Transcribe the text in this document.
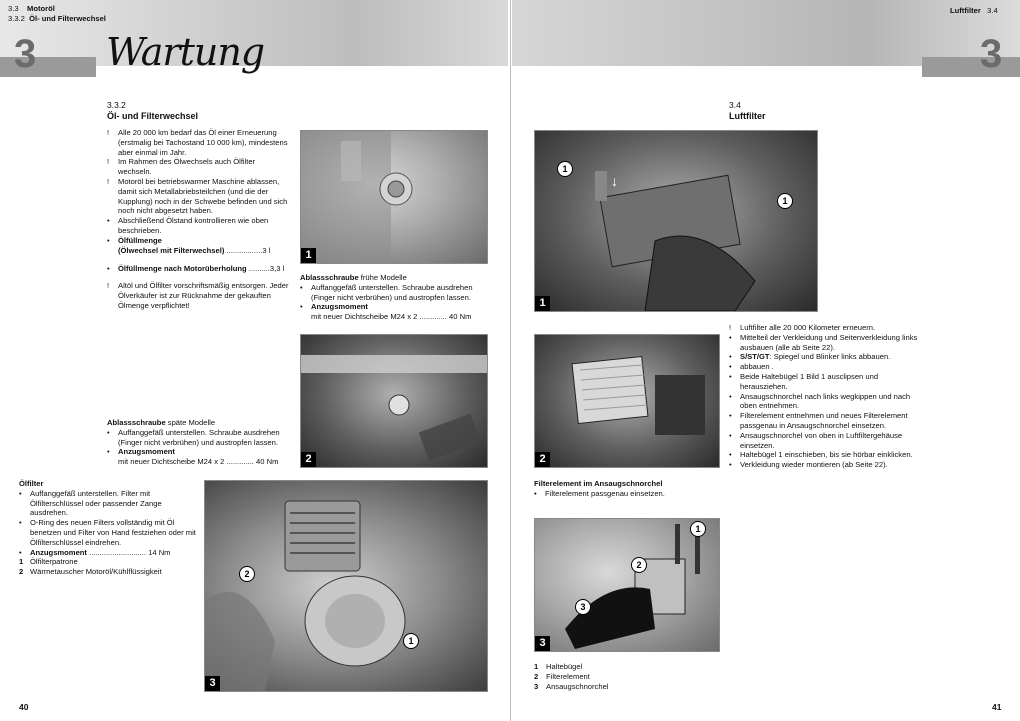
3 Wartung
3.3 Motoröl
3.3.2 Öl- und Filterwechsel
3
Luftfilter 3.4
3.3.2
Öl- und Filterwechsel
! Alle 20 000 km bedarf das Öl einer Erneuerung (erstmalig bei Tachostand 10 000 km), mindestens aber einmal im Jahr.
! Im Rahmen des Ölwechsels auch Ölfilter wechseln.
! Motoröl bei betriebswarmer Maschine ablassen, damit sich Metallabriebsteilchen (und die der Kupplung) noch in der Schwebe befinden und sich noch nicht abgesetzt haben.
• Abschließend Ölstand kontrollieren wie oben beschrieben.
• Ölfüllmenge
(Ölwechsel mit Filterwechsel) .................3 l
• Ölfüllmenge nach Motorüberholung ..........3,3 l
! Altöl und Ölfilter vorschriftsmäßig entsorgen. Jeder Ölverkäufer ist zur Rücknahme der gekauften Ölmenge verpflichtet!
1
Ablassschraube frühe Modelle
• Auffanggefäß unterstellen. Schraube ausdrehen (Finger nicht verbrühen) und austropfen lassen.
• Anzugsmoment
mit neuer Dichtscheibe M24 x 2 ............. 40 Nm
2
Ablassschraube späte Modelle
• Auffanggefäß unterstellen. Schraube ausdrehen (Finger nicht verbrühen) und austropfen lassen.
• Anzugsmoment
mit neuer Dichtscheibe M24 x 2 ............. 40 Nm
Ölfilter
• Auffanggefäß unterstellen. Filter mit Ölfilterschlüssel oder passender Zange ausdrehen.
• O-Ring des neuen Filters vollständig mit Öl benetzen und Filter von Hand festziehen oder mit Ölfilterschlüssel eindrehen.
• Anzugsmoment ........................... 14 Nm
1 Ölfilterpatrone
2 Wärmetauscher Motoröl/Kühlflüssigkeit	2
1
3
3.4
Luftfilter
1
1
↓
1
! Luftfilter alle 20 000 Kilometer erneuern.
• Mittelteil der Verkleidung und Seitenverkleidung links ausbauen (alle ab Seite 22).
• S/ST/GT: Spiegel und Blinker links abbauen.
• abbauen .
• Beide Haltebügel 1 Bild 1 ausclipsen und herausziehen.
• Ansaugschnorchel nach links wegkippen und nach oben entnehmen.
• Filterelement entnehmen und neues Filterelement passgenau in Ansaugschnorchel einsetzen.
• Ansaugschnorchel von oben in Luftfiltergehäuse einsetzen.
• Haltebügel 1 einschieben, bis sie hörbar einklicken.
• Verkleidung wieder montieren (ab Seite 22).
2
Filterelement im Ansaugschnorchel
• Filterelement passgenau einsetzen.
1
2
3
3
1 Haltebügel
2 Filterelement
3 Ansaugschnorchel
40	41
